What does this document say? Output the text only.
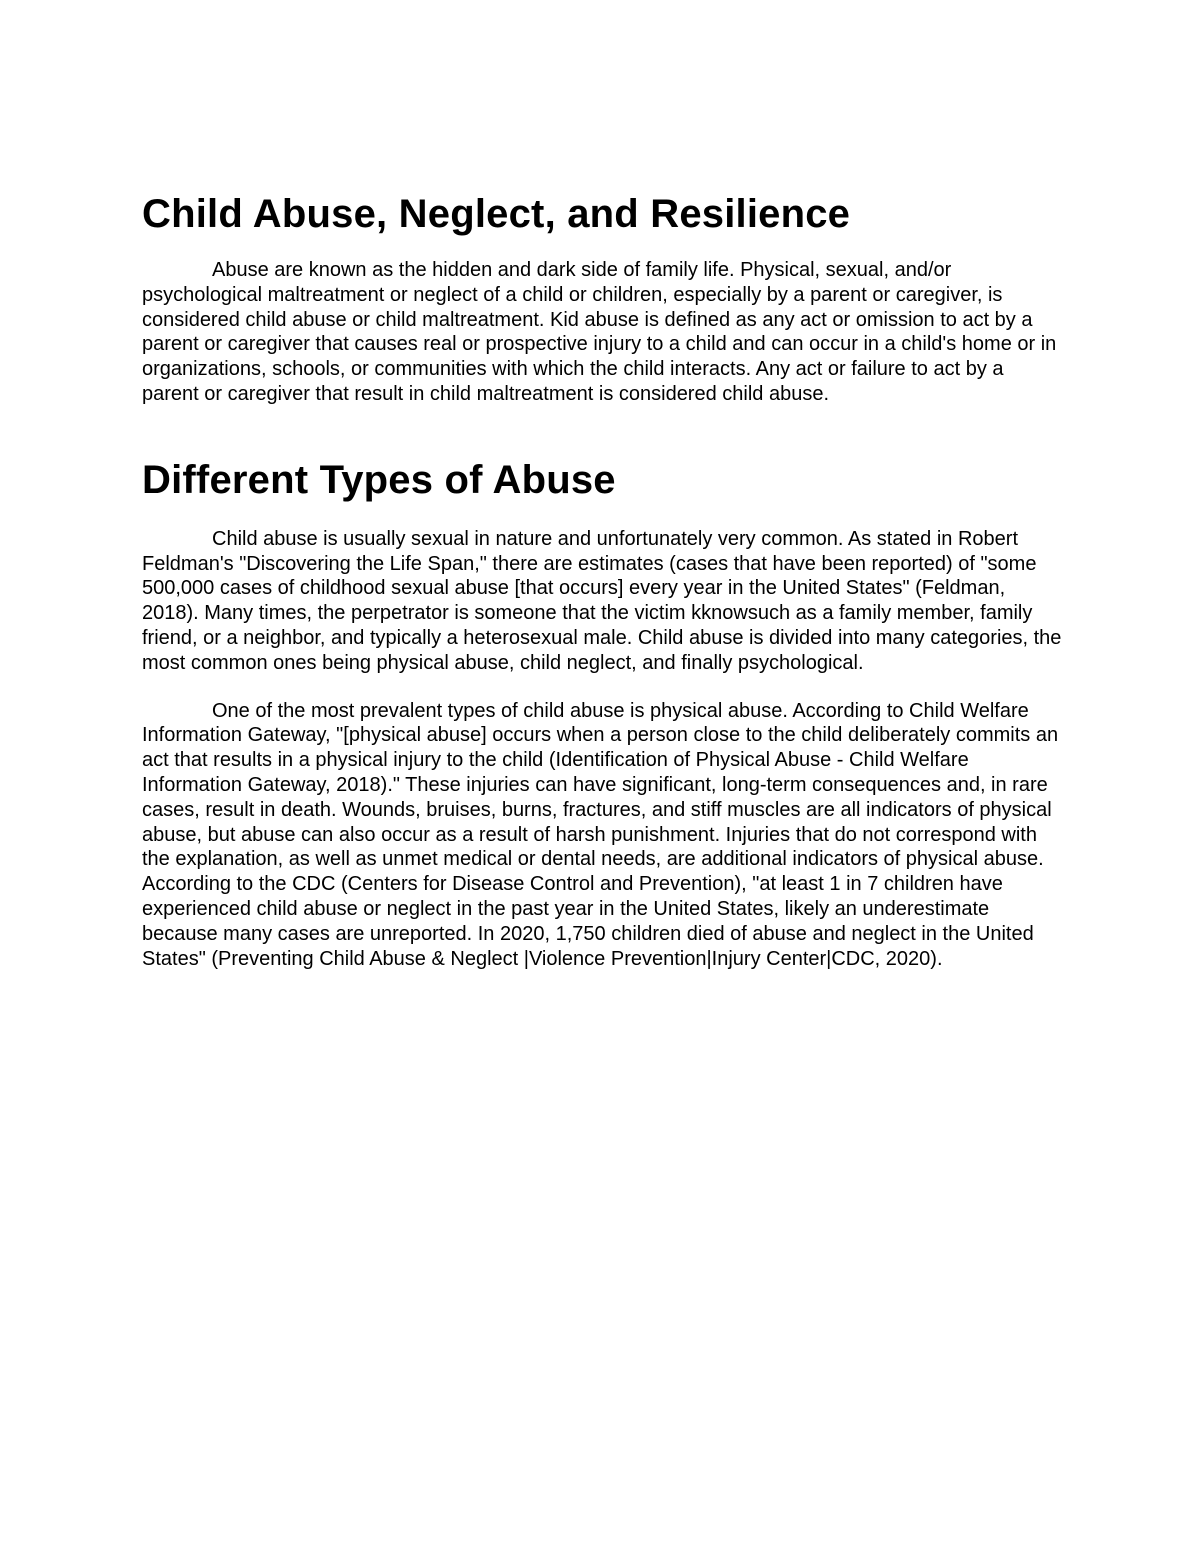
Child Abuse, Neglect, and Resilience

Abuse are known as the hidden and dark side of family life. Physical, sexual, and/or psychological maltreatment or neglect of a child or children, especially by a parent or caregiver, is considered child abuse or child maltreatment. Kid abuse is defined as any act or omission to act by a parent or caregiver that causes real or prospective injury to a child and can occur in a child's home or in organizations, schools, or communities with which the child interacts. Any act or failure to act by a parent or caregiver that result in child maltreatment is considered child abuse.

Different Types of Abuse

Child abuse is usually sexual in nature and unfortunately very common. As stated in Robert Feldman's "Discovering the Life Span," there are estimates (cases that have been reported) of "some 500,000 cases of childhood sexual abuse [that occurs] every year in the United States" (Feldman, 2018). Many times, the perpetrator is someone that the victim kknowsuch as a family member, family friend, or a neighbor, and typically a heterosexual male. Child abuse is divided into many categories, the most common ones being physical abuse, child neglect, and finally psychological.

One of the most prevalent types of child abuse is physical abuse. According to Child Welfare Information Gateway, "[physical abuse] occurs when a person close to the child deliberately commits an act that results in a physical injury to the child (Identification of Physical Abuse - Child Welfare Information Gateway, 2018)." These injuries can have significant, long-term consequences and, in rare cases, result in death. Wounds, bruises, burns, fractures, and stiff muscles are all indicators of physical abuse, but abuse can also occur as a result of harsh punishment. Injuries that do not correspond with the explanation, as well as unmet medical or dental needs, are additional indicators of physical abuse. According to the CDC (Centers for Disease Control and Prevention), "at least 1 in 7 children have experienced child abuse or neglect in the past year in the United States, likely an underestimate because many cases are unreported. In 2020, 1,750 children died of abuse and neglect in the United States" (Preventing Child Abuse & Neglect |Violence Prevention|Injury Center|CDC, 2020).
